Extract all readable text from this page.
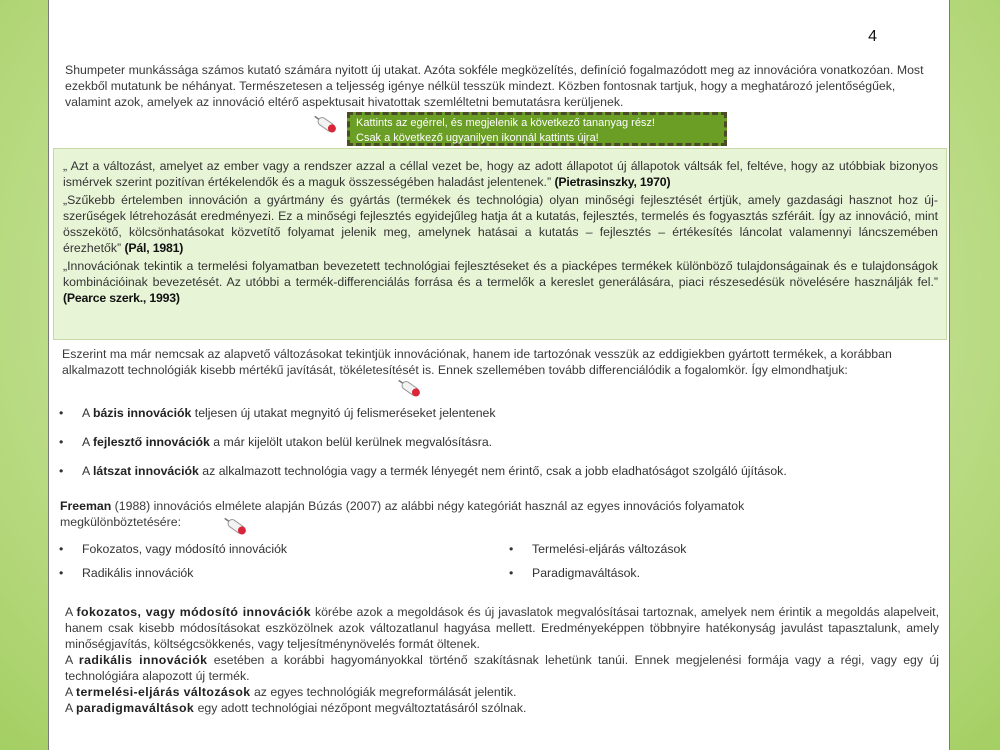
4

Shumpeter munkássága számos kutató számára nyitott új utakat. Azóta sokféle megközelítés, definíció fogalmazódott meg az innovációra vonatkozóan. Most ezekből mutatunk be néhányat. Természetesen a teljesség igénye nélkül tesszük mindezt. Közben fontosnak tartjuk, hogy a meghatározó jelentőségűek, valamint azok, amelyek az innováció eltérő aspektusait hivatottak szemléltetni bemutatásra kerüljenek.

Kattints az egérrel, és megjelenik a következő tananyag rész!
Csak a következő ugyanilyen ikonnál kattints újra!

„ Azt a változást, amelyet az ember vagy a rendszer azzal a céllal vezet be, hogy az adott állapotot új állapotok váltsák fel, feltéve, hogy az utóbbiak bizonyos ismérvek szerint pozitívan értékelendők és a maguk összességében haladást jelentenek.” (Pietrasinszky, 1970)

„Szűkebb értelemben innováción a gyártmány és gyártás (termékek és technológia) olyan minőségi fejlesztését értjük, amely gazdasági hasznot hoz újszerűségek létrehozását eredményezi. Ez a minőségi fejlesztés egyidejűleg hatja át a kutatás, fejlesztés, termelés és fogyasztás szféráit. Így az innováció, mint összekötő, kölcsönhatásokat közvetítő folyamat jelenik meg, amelynek hatásai a kutatás – fejlesztés – értékesítés láncolat valamennyi láncszemében érezhetők” (Pál, 1981)

„Innovációnak tekintik a termelési folyamatban bevezetett technológiai fejlesztéseket és a piacképes termékek különböző tulajdonságainak és e tulajdonságok kombinációinak bevezetését. Az utóbbi a termék-differenciálás forrása és a termelők a kereslet generálására, piaci részesedésük növelésére használják fel.” (Pearce szerk., 1993)

Eszerint ma már nemcsak az alapvető változásokat tekintjük innovációnak, hanem ide tartozónak vesszük az eddigiekben gyártott termékek, a korábban alkalmazott technológiák kisebb mértékű javítását, tökéletesítését is. Ennek szellemében tovább differenciálódik a fogalomkör. Így elmondhatjuk:

• A bázis innovációk teljesen új utakat megnyitó új felismeréseket jelentenek
• A fejlesztő innovációk a már kijelölt utakon belül kerülnek megvalósításra.
• A látszat innovációk az alkalmazott technológia vagy a termék lényegét nem érintő, csak a jobb eladhatóságot szolgáló újítások.

Freeman (1988) innovációs elmélete alapján Búzás (2007) az alábbi négy kategóriát használ az egyes innovációs folyamatok megkülönböztetésére:

• Fokozatos, vagy módosító innovációk
• Radikális innovációk
• Termelési-eljárás változások
• Paradigmaváltások.

A fokozatos, vagy módosító innovációk körébe azok a megoldások és új javaslatok megvalósításai tartoznak, amelyek nem érintik a megoldás alapelveit, hanem csak kisebb módosításokat eszközölnek azok változatlanul hagyása mellett. Eredményeképpen többnyire hatékonyság javulást tapasztalunk, amely minőségjavítás, költségcsökkenés, vagy teljesítménynövelés formát öltenek.

A radikális innovációk esetében a korábbi hagyományokkal történő szakításnak lehetünk tanúi. Ennek megjelenési formája vagy a régi, vagy egy új technológiára alapozott új termék.

A termelési-eljárás változások az egyes technológiák megreformálását jelentik.

A paradigmaváltások egy adott technológiai nézőpont megváltoztatásáról szólnak.
